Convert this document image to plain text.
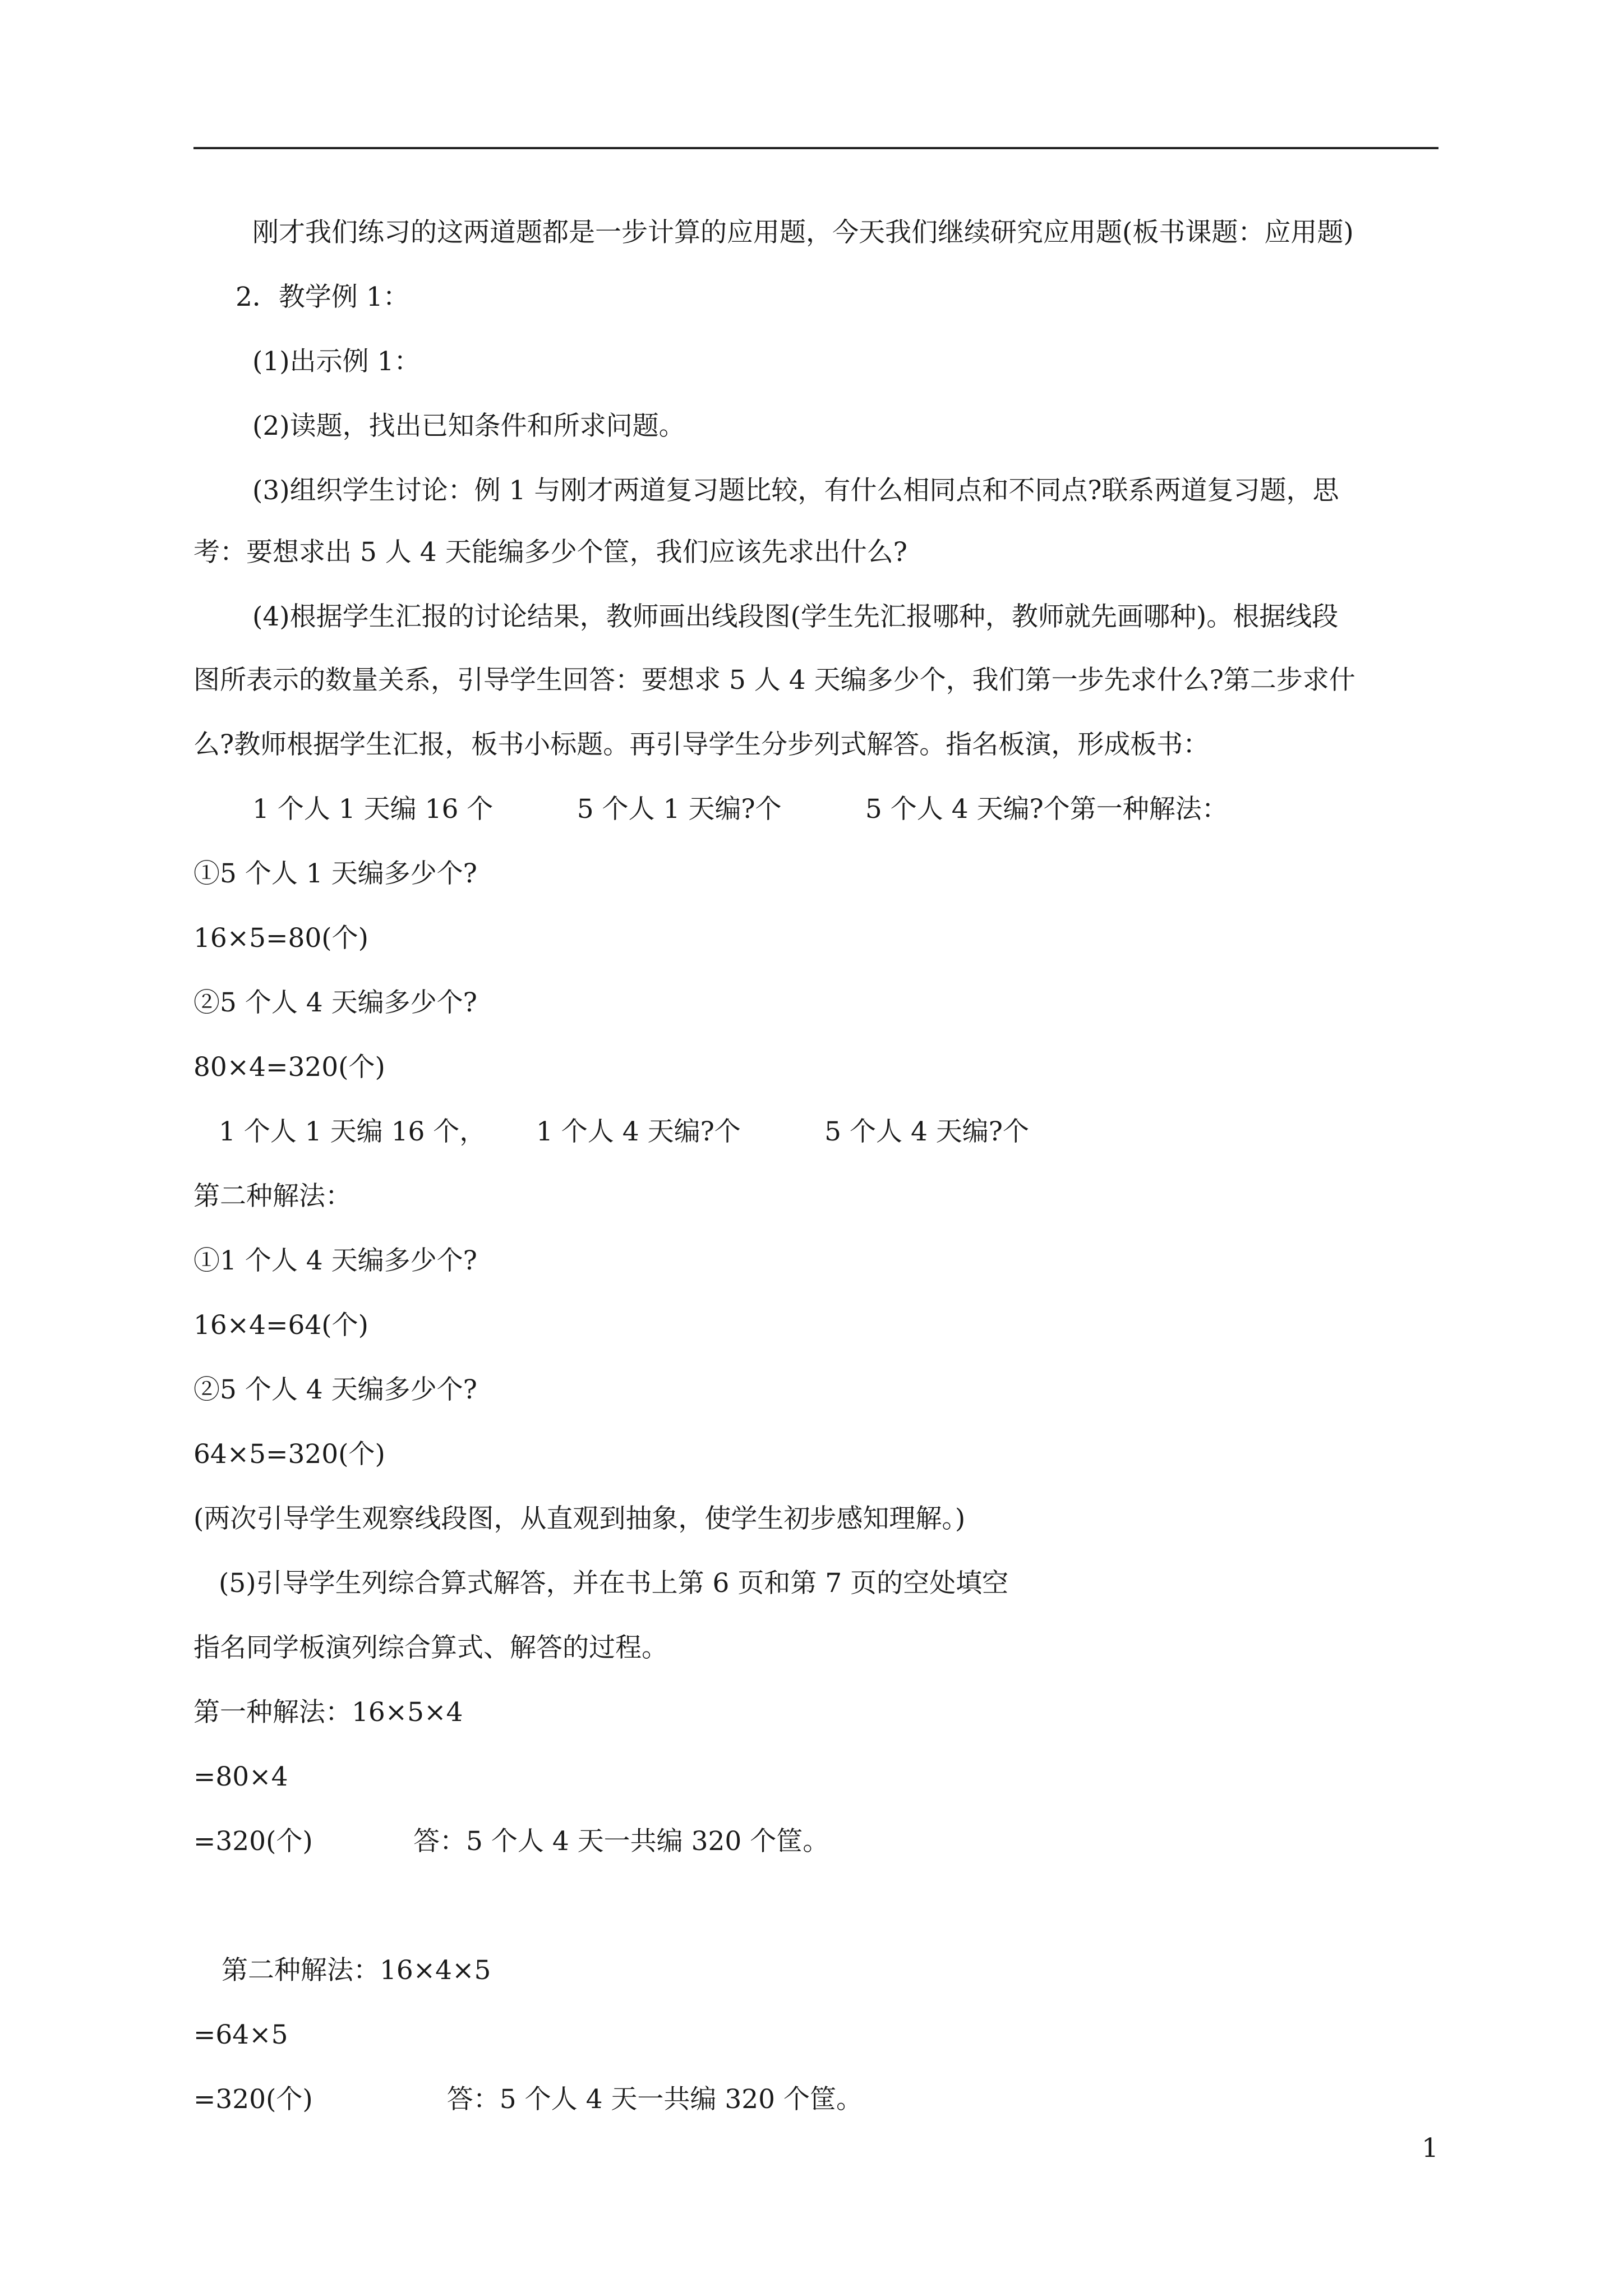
刚才我们练习的这两道题都是一步计算的应用题，今天我们继续研究应用题(板书课题：应用题)
2．教学例 1：
(1)出示例 1：
(2)读题，找出已知条件和所求问题。
(3)组织学生讨论：例 1 与刚才两道复习题比较，有什么相同点和不同点?联系两道复习题，思
考：要想求出 5 人 4 天能编多少个筐，我们应该先求出什么?
(4)根据学生汇报的讨论结果，教师画出线段图(学生先汇报哪种，教师就先画哪种)。根据线段
图所表示的数量关系，引导学生回答：要想求 5 人 4 天编多少个，我们第一步先求什么?第二步求什
么?教师根据学生汇报，板书小标题。再引导学生分步列式解答。指名板演，形成板书：
1 个人 1 天编 16 个          5 个人 1 天编?个          5 个人 4 天编?个第一种解法：
①5 个人 1 天编多少个?
16×5=80(个)
②5 个人 4 天编多少个?
80×4=320(个)
1 个人 1 天编 16 个，      1 个人 4 天编?个          5 个人 4 天编?个
第二种解法：
①1 个人 4 天编多少个?
16×4=64(个)
②5 个人 4 天编多少个?
64×5=320(个)
(两次引导学生观察线段图，从直观到抽象，使学生初步感知理解。)
(5)引导学生列综合算式解答，并在书上第 6 页和第 7 页的空处填空
指名同学板演列综合算式、解答的过程。
第一种解法：16×5×4
=80×4
=320(个)            答：5 个人 4 天一共编 320 个筐。
第二种解法：16×4×5
=64×5
=320(个)                答：5 个人 4 天一共编 320 个筐。
1
